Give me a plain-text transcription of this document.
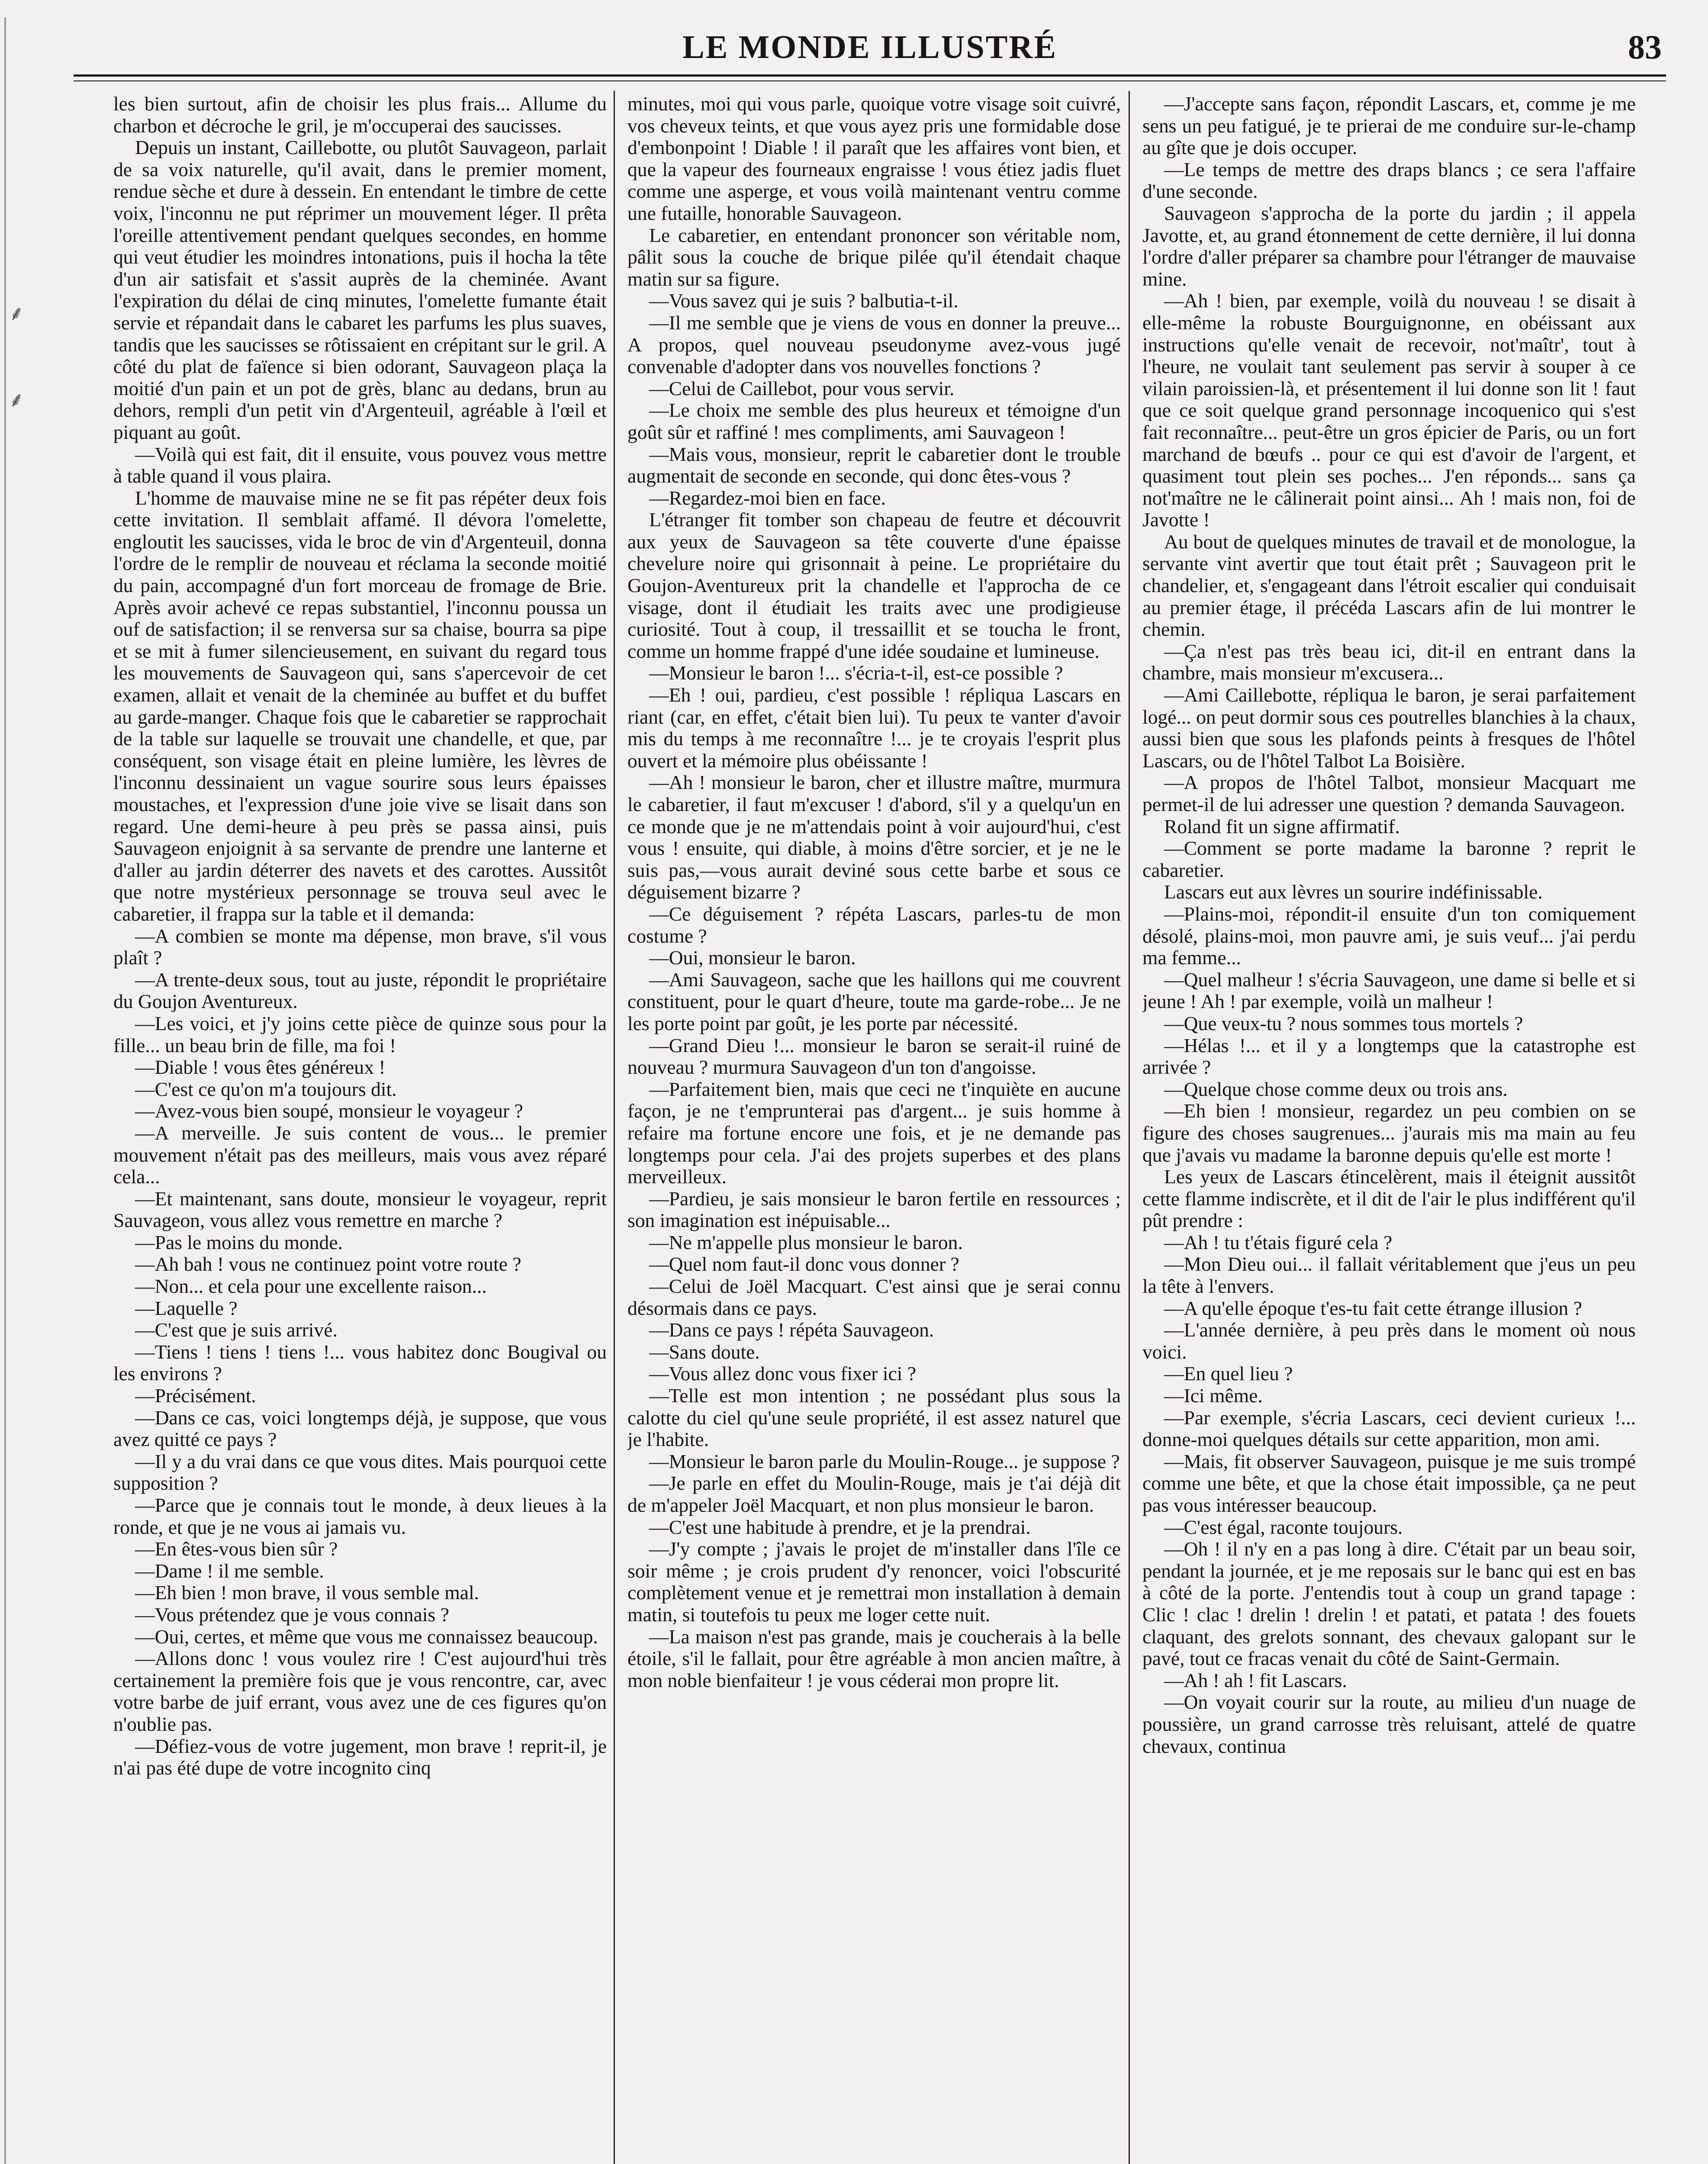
LE MONDE ILLUSTRÉ	83
⸙
⸙

les bien surtout, afin de choisir les plus frais... Allume du charbon et décroche le gril, je m'occuperai des saucisses.

Depuis un instant, Caillebotte, ou plutôt Sauvageon, parlait de sa voix naturelle, qu'il avait, dans le premier moment, rendue sèche et dure à dessein. En entendant le timbre de cette voix, l'inconnu ne put réprimer un mouvement léger. Il prêta l'oreille attentivement pendant quelques secondes, en homme qui veut étudier les moindres intonations, puis il hocha la tête d'un air satisfait et s'assit auprès de la cheminée. Avant l'expiration du délai de cinq minutes, l'omelette fumante était servie et répandait dans le cabaret les parfums les plus suaves, tandis que les saucisses se rôtissaient en crépitant sur le gril. A côté du plat de faïence si bien odorant, Sauvageon plaça la moitié d'un pain et un pot de grès, blanc au dedans, brun au dehors, rempli d'un petit vin d'Argenteuil, agréable à l'œil et piquant au goût.

—Voilà qui est fait, dit il ensuite, vous pouvez vous mettre à table quand il vous plaira.

L'homme de mauvaise mine ne se fit pas répéter deux fois cette invitation. Il semblait affamé. Il dévora l'omelette, engloutit les saucisses, vida le broc de vin d'Argenteuil, donna l'ordre de le remplir de nouveau et réclama la seconde moitié du pain, accompagné d'un fort morceau de fromage de Brie. Après avoir achevé ce repas substantiel, l'inconnu poussa un ouf de satisfaction; il se renversa sur sa chaise, bourra sa pipe et se mit à fumer silencieusement, en suivant du regard tous les mouvements de Sauvageon qui, sans s'apercevoir de cet examen, allait et venait de la cheminée au buffet et du buffet au garde-manger. Chaque fois que le cabaretier se rapprochait de la table sur laquelle se trouvait une chandelle, et que, par conséquent, son visage était en pleine lumière, les lèvres de l'inconnu dessinaient un vague sourire sous leurs épaisses moustaches, et l'expression d'une joie vive se lisait dans son regard. Une demi-heure à peu près se passa ainsi, puis Sauvageon enjoignit à sa servante de prendre une lanterne et d'aller au jardin déterrer des navets et des carottes. Aussitôt que notre mystérieux personnage se trouva seul avec le cabaretier, il frappa sur la table et il demanda:

—A combien se monte ma dépense, mon brave, s'il vous plaît ?

—A trente-deux sous, tout au juste, répondit le propriétaire du Goujon Aventureux.

—Les voici, et j'y joins cette pièce de quinze sous pour la fille... un beau brin de fille, ma foi !

—Diable ! vous êtes généreux !

—C'est ce qu'on m'a toujours dit.

—Avez-vous bien soupé, monsieur le voyageur ?

—A merveille. Je suis content de vous... le premier mouvement n'était pas des meilleurs, mais vous avez réparé cela...

—Et maintenant, sans doute, monsieur le voyageur, reprit Sauvageon, vous allez vous remettre en marche ?

—Pas le moins du monde.

—Ah bah ! vous ne continuez point votre route ?

—Non... et cela pour une excellente raison...

—Laquelle ?

—C'est que je suis arrivé.

—Tiens ! tiens ! tiens !... vous habitez donc Bougival ou les environs ?

—Précisément.

—Dans ce cas, voici longtemps déjà, je suppose, que vous avez quitté ce pays ?

—Il y a du vrai dans ce que vous dites. Mais pourquoi cette supposition ?

—Parce que je connais tout le monde, à deux lieues à la ronde, et que je ne vous ai jamais vu.

—En êtes-vous bien sûr ?

—Dame ! il me semble.

—Eh bien ! mon brave, il vous semble mal.

—Vous prétendez que je vous connais ?

—Oui, certes, et même que vous me connaissez beaucoup.

—Allons donc ! vous voulez rire ! C'est aujourd'hui très certainement la première fois que je vous rencontre, car, avec votre barbe de juif errant, vous avez une de ces figures qu'on n'oublie pas.

—Défiez-vous de votre jugement, mon brave ! reprit-il, je n'ai pas été dupe de votre incognito cinq

minutes, moi qui vous parle, quoique votre visage soit cuivré, vos cheveux teints, et que vous ayez pris une formidable dose d'embonpoint ! Diable ! il paraît que les affaires vont bien, et que la vapeur des fourneaux engraisse ! vous étiez jadis fluet comme une asperge, et vous voilà maintenant ventru comme une futaille, honorable Sauvageon.

Le cabaretier, en entendant prononcer son véritable nom, pâlit sous la couche de brique pilée qu'il étendait chaque matin sur sa figure.

—Vous savez qui je suis ? balbutia-t-il.

—Il me semble que je viens de vous en donner la preuve... A propos, quel nouveau pseudonyme avez-vous jugé convenable d'adopter dans vos nouvelles fonctions ?

—Celui de Caillebot, pour vous servir.

—Le choix me semble des plus heureux et témoigne d'un goût sûr et raffiné ! mes compliments, ami Sauvageon !

—Mais vous, monsieur, reprit le cabaretier dont le trouble augmentait de seconde en seconde, qui donc êtes-vous ?

—Regardez-moi bien en face.

L'étranger fit tomber son chapeau de feutre et découvrit aux yeux de Sauvageon sa tête couverte d'une épaisse chevelure noire qui grisonnait à peine. Le propriétaire du Goujon-Aventureux prit la chandelle et l'approcha de ce visage, dont il étudiait les traits avec une prodigieuse curiosité. Tout à coup, il tressaillit et se toucha le front, comme un homme frappé d'une idée soudaine et lumineuse.

—Monsieur le baron !... s'écria-t-il, est-ce possible ?

—Eh ! oui, pardieu, c'est possible ! répliqua Lascars en riant (car, en effet, c'était bien lui). Tu peux te vanter d'avoir mis du temps à me reconnaître !... je te croyais l'esprit plus ouvert et la mémoire plus obéissante !

—Ah ! monsieur le baron, cher et illustre maître, murmura le cabaretier, il faut m'excuser ! d'abord, s'il y a quelqu'un en ce monde que je ne m'attendais point à voir aujourd'hui, c'est vous ! ensuite, qui diable, à moins d'être sorcier, et je ne le suis pas,—vous aurait deviné sous cette barbe et sous ce déguisement bizarre ?

—Ce déguisement ? répéta Lascars, parles-tu de mon costume ?

—Oui, monsieur le baron.

—Ami Sauvageon, sache que les haillons qui me couvrent constituent, pour le quart d'heure, toute ma garde-robe... Je ne les porte point par goût, je les porte par nécessité.

—Grand Dieu !... monsieur le baron se serait-il ruiné de nouveau ? murmura Sauvageon d'un ton d'angoisse.

—Parfaitement bien, mais que ceci ne t'inquiète en aucune façon, je ne t'emprunterai pas d'argent... je suis homme à refaire ma fortune encore une fois, et je ne demande pas longtemps pour cela. J'ai des projets superbes et des plans merveilleux.

—Pardieu, je sais monsieur le baron fertile en ressources ; son imagination est inépuisable...

—Ne m'appelle plus monsieur le baron.

—Quel nom faut-il donc vous donner ?

—Celui de Joël Macquart. C'est ainsi que je serai connu désormais dans ce pays.

—Dans ce pays ! répéta Sauvageon.

—Sans doute.

—Vous allez donc vous fixer ici ?

—Telle est mon intention ; ne possédant plus sous la calotte du ciel qu'une seule propriété, il est assez naturel que je l'habite.

—Monsieur le baron parle du Moulin-Rouge... je suppose ?

—Je parle en effet du Moulin-Rouge, mais je t'ai déjà dit de m'appeler Joël Macquart, et non plus monsieur le baron.

—C'est une habitude à prendre, et je la prendrai.

—J'y compte ; j'avais le projet de m'installer dans l'île ce soir même ; je crois prudent d'y renoncer, voici l'obscurité complètement venue et je remettrai mon installation à demain matin, si toutefois tu peux me loger cette nuit.

—La maison n'est pas grande, mais je coucherais à la belle étoile, s'il le fallait, pour être agréable à mon ancien maître, à mon noble bienfaiteur ! je vous céderai mon propre lit.

—J'accepte sans façon, répondit Lascars, et, comme je me sens un peu fatigué, je te prierai de me conduire sur-le-champ au gîte que je dois occuper.

—Le temps de mettre des draps blancs ; ce sera l'affaire d'une seconde.

Sauvageon s'approcha de la porte du jardin ; il appela Javotte, et, au grand étonnement de cette dernière, il lui donna l'ordre d'aller préparer sa chambre pour l'étranger de mauvaise mine.

—Ah ! bien, par exemple, voilà du nouveau ! se disait à elle-même la robuste Bourguignonne, en obéissant aux instructions qu'elle venait de recevoir, not'maîtr', tout à l'heure, ne voulait tant seulement pas servir à souper à ce vilain paroissien-là, et présentement il lui donne son lit ! faut que ce soit quelque grand personnage incoquenico qui s'est fait reconnaître... peut-être un gros épicier de Paris, ou un fort marchand de bœufs .. pour ce qui est d'avoir de l'argent, et quasiment tout plein ses poches... J'en réponds... sans ça not'maître ne le câlinerait point ainsi... Ah ! mais non, foi de Javotte !

Au bout de quelques minutes de travail et de monologue, la servante vint avertir que tout était prêt ; Sauvageon prit le chandelier, et, s'engageant dans l'étroit escalier qui conduisait au premier étage, il précéda Lascars afin de lui montrer le chemin.

—Ça n'est pas très beau ici, dit-il en entrant dans la chambre, mais monsieur m'excusera...

—Ami Caillebotte, répliqua le baron, je serai parfaitement logé... on peut dormir sous ces poutrelles blanchies à la chaux, aussi bien que sous les plafonds peints à fresques de l'hôtel Lascars, ou de l'hôtel Talbot La Boisière.

—A propos de l'hôtel Talbot, monsieur Macquart me permet-il de lui adresser une question ? demanda Sauvageon.

Roland fit un signe affirmatif.

—Comment se porte madame la baronne ? reprit le cabaretier.

Lascars eut aux lèvres un sourire indéfinissable.

—Plains-moi, répondit-il ensuite d'un ton comiquement désolé, plains-moi, mon pauvre ami, je suis veuf... j'ai perdu ma femme...

—Quel malheur ! s'écria Sauvageon, une dame si belle et si jeune ! Ah ! par exemple, voilà un malheur !

—Que veux-tu ? nous sommes tous mortels ?

—Hélas !... et il y a longtemps que la catastrophe est arrivée ?

—Quelque chose comme deux ou trois ans.

—Eh bien ! monsieur, regardez un peu combien on se figure des choses saugrenues... j'aurais mis ma main au feu que j'avais vu madame la baronne depuis qu'elle est morte !

Les yeux de Lascars étincelèrent, mais il éteignit aussitôt cette flamme indiscrète, et il dit de l'air le plus indifférent qu'il pût prendre :

—Ah ! tu t'étais figuré cela ?

—Mon Dieu oui... il fallait véritablement que j'eus un peu la tête à l'envers.

—A qu'elle époque t'es-tu fait cette étrange illusion ?

—L'année dernière, à peu près dans le moment où nous voici.

—En quel lieu ?

—Ici même.

—Par exemple, s'écria Lascars, ceci devient curieux !... donne-moi quelques détails sur cette apparition, mon ami.

—Mais, fit observer Sauvageon, puisque je me suis trompé comme une bête, et que la chose était impossible, ça ne peut pas vous intéresser beaucoup.

—C'est égal, raconte toujours.

—Oh ! il n'y en a pas long à dire. C'était par un beau soir, pendant la journée, et je me reposais sur le banc qui est en bas à côté de la porte. J'entendis tout à coup un grand tapage : Clic ! clac ! drelin ! drelin ! et patati, et patata ! des fouets claquant, des grelots sonnant, des chevaux galopant sur le pavé, tout ce fracas venait du côté de Saint-Germain.

—Ah ! ah ! fit Lascars.

—On voyait courir sur la route, au milieu d'un nuage de poussière, un grand carrosse très reluisant, attelé de quatre chevaux, continua
